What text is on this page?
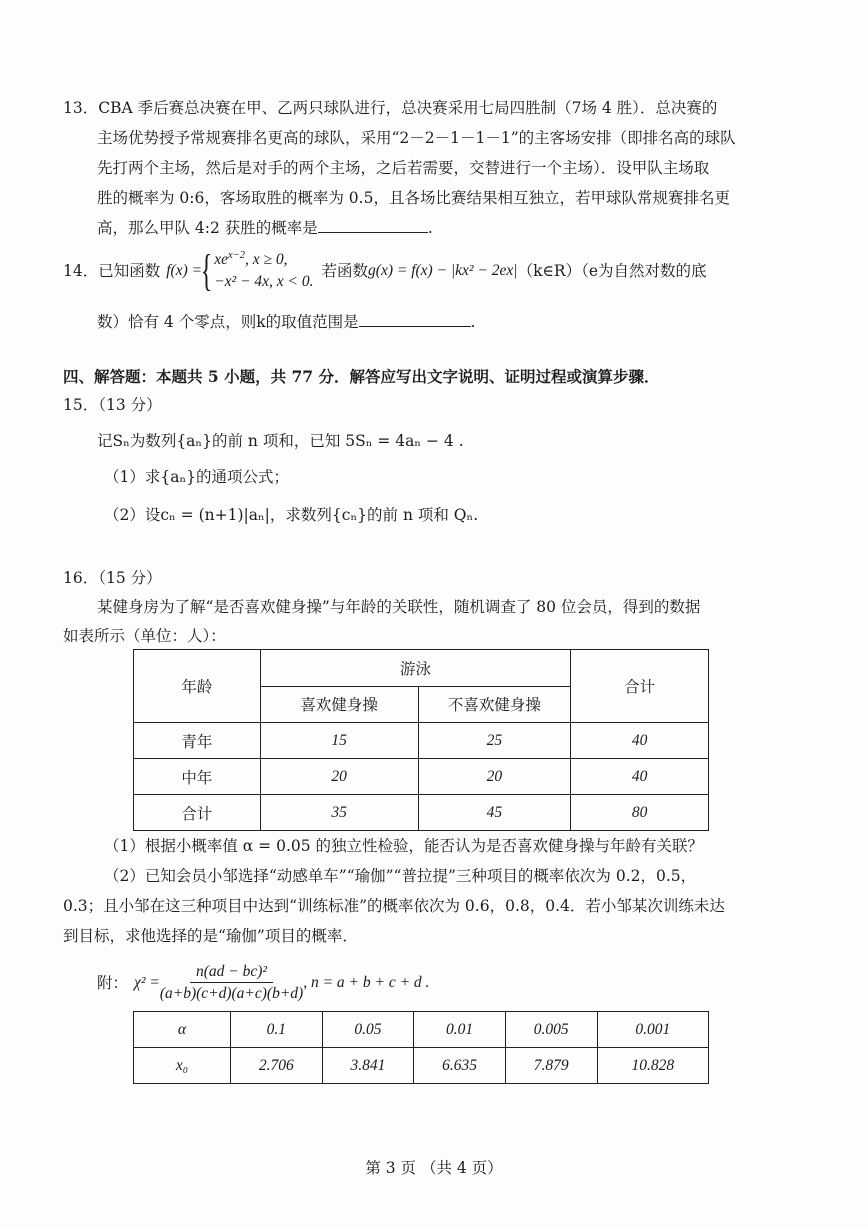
13．CBA 季后赛总决赛在甲、乙两只球队进行，总决赛采用七局四胜制（7场 4 胜）．总决赛的
主场优势授予常规赛排名更高的球队，采用“2－2－1－1－1”的主客场安排（即排名高的球队
先打两个主场，然后是对手的两个主场，之后若需要，交替进行一个主场）．设甲队主场取
胜的概率为 0:6，客场取胜的概率为 0.5，且各场比赛结果相互独立，若甲球队常规赛排名更
高，那么甲队 4:2 获胜的概率是	.
14． 已知函数 f(x) =
{ $xe^{x-2}$, x ≥ 0,
−x² − 4x, x < 0.
若函数 g(x) = f(x) − |kx² − 2ex| （k∈R）（e为自然对数的底
数）恰有 4 个零点，则k的取值范围是	.
四、解答题：本题共 5 小题，共 77 分．解答应写出文字说明、证明过程或演算步骤．
15．（13 分）
记Sₙ为数列{aₙ}的前 n 项和，已知 5Sₙ = 4aₙ − 4 .
（1）求{aₙ}的通项公式；
（2）设cₙ = (n+1)|aₙ|，求数列{cₙ}的前 n 项和 Qₙ.
16．（15 分）
某健身房为了解“是否喜欢健身操”与年龄的关联性，随机调查了 80 位会员，得到的数据
如表所示（单位：人）：
年龄	游泳		合计
	喜欢健身操	不喜欢健身操	
青年	15	25	40
中年	20	20	40
合计	35	45	80
（1）根据小概率值 α = 0.05 的独立性检验，能否认为是否喜欢健身操与年龄有关联？
（2）已知会员小邹选择“动感单车”“瑜伽”“普拉提”三种项目的概率依次为 0.2，0.5，
0.3；且小邹在这三种项目中达到“训练标准”的概率依次为 0.6，0.8，0.4．若小邹某次训练未达
到目标，求他选择的是“瑜伽”项目的概率．
附： $\chi^2 = \frac{\text{n(ad − bc)²}}{(a+b)(c+d)(a+c)(b+d)}$ , n = a + b + c + d .
α	0.1	0.05	0.01	0.005	0.001
x₀	2.706	3.841	6.635	7.879	10.828
第 3 页 （共 4 页）
